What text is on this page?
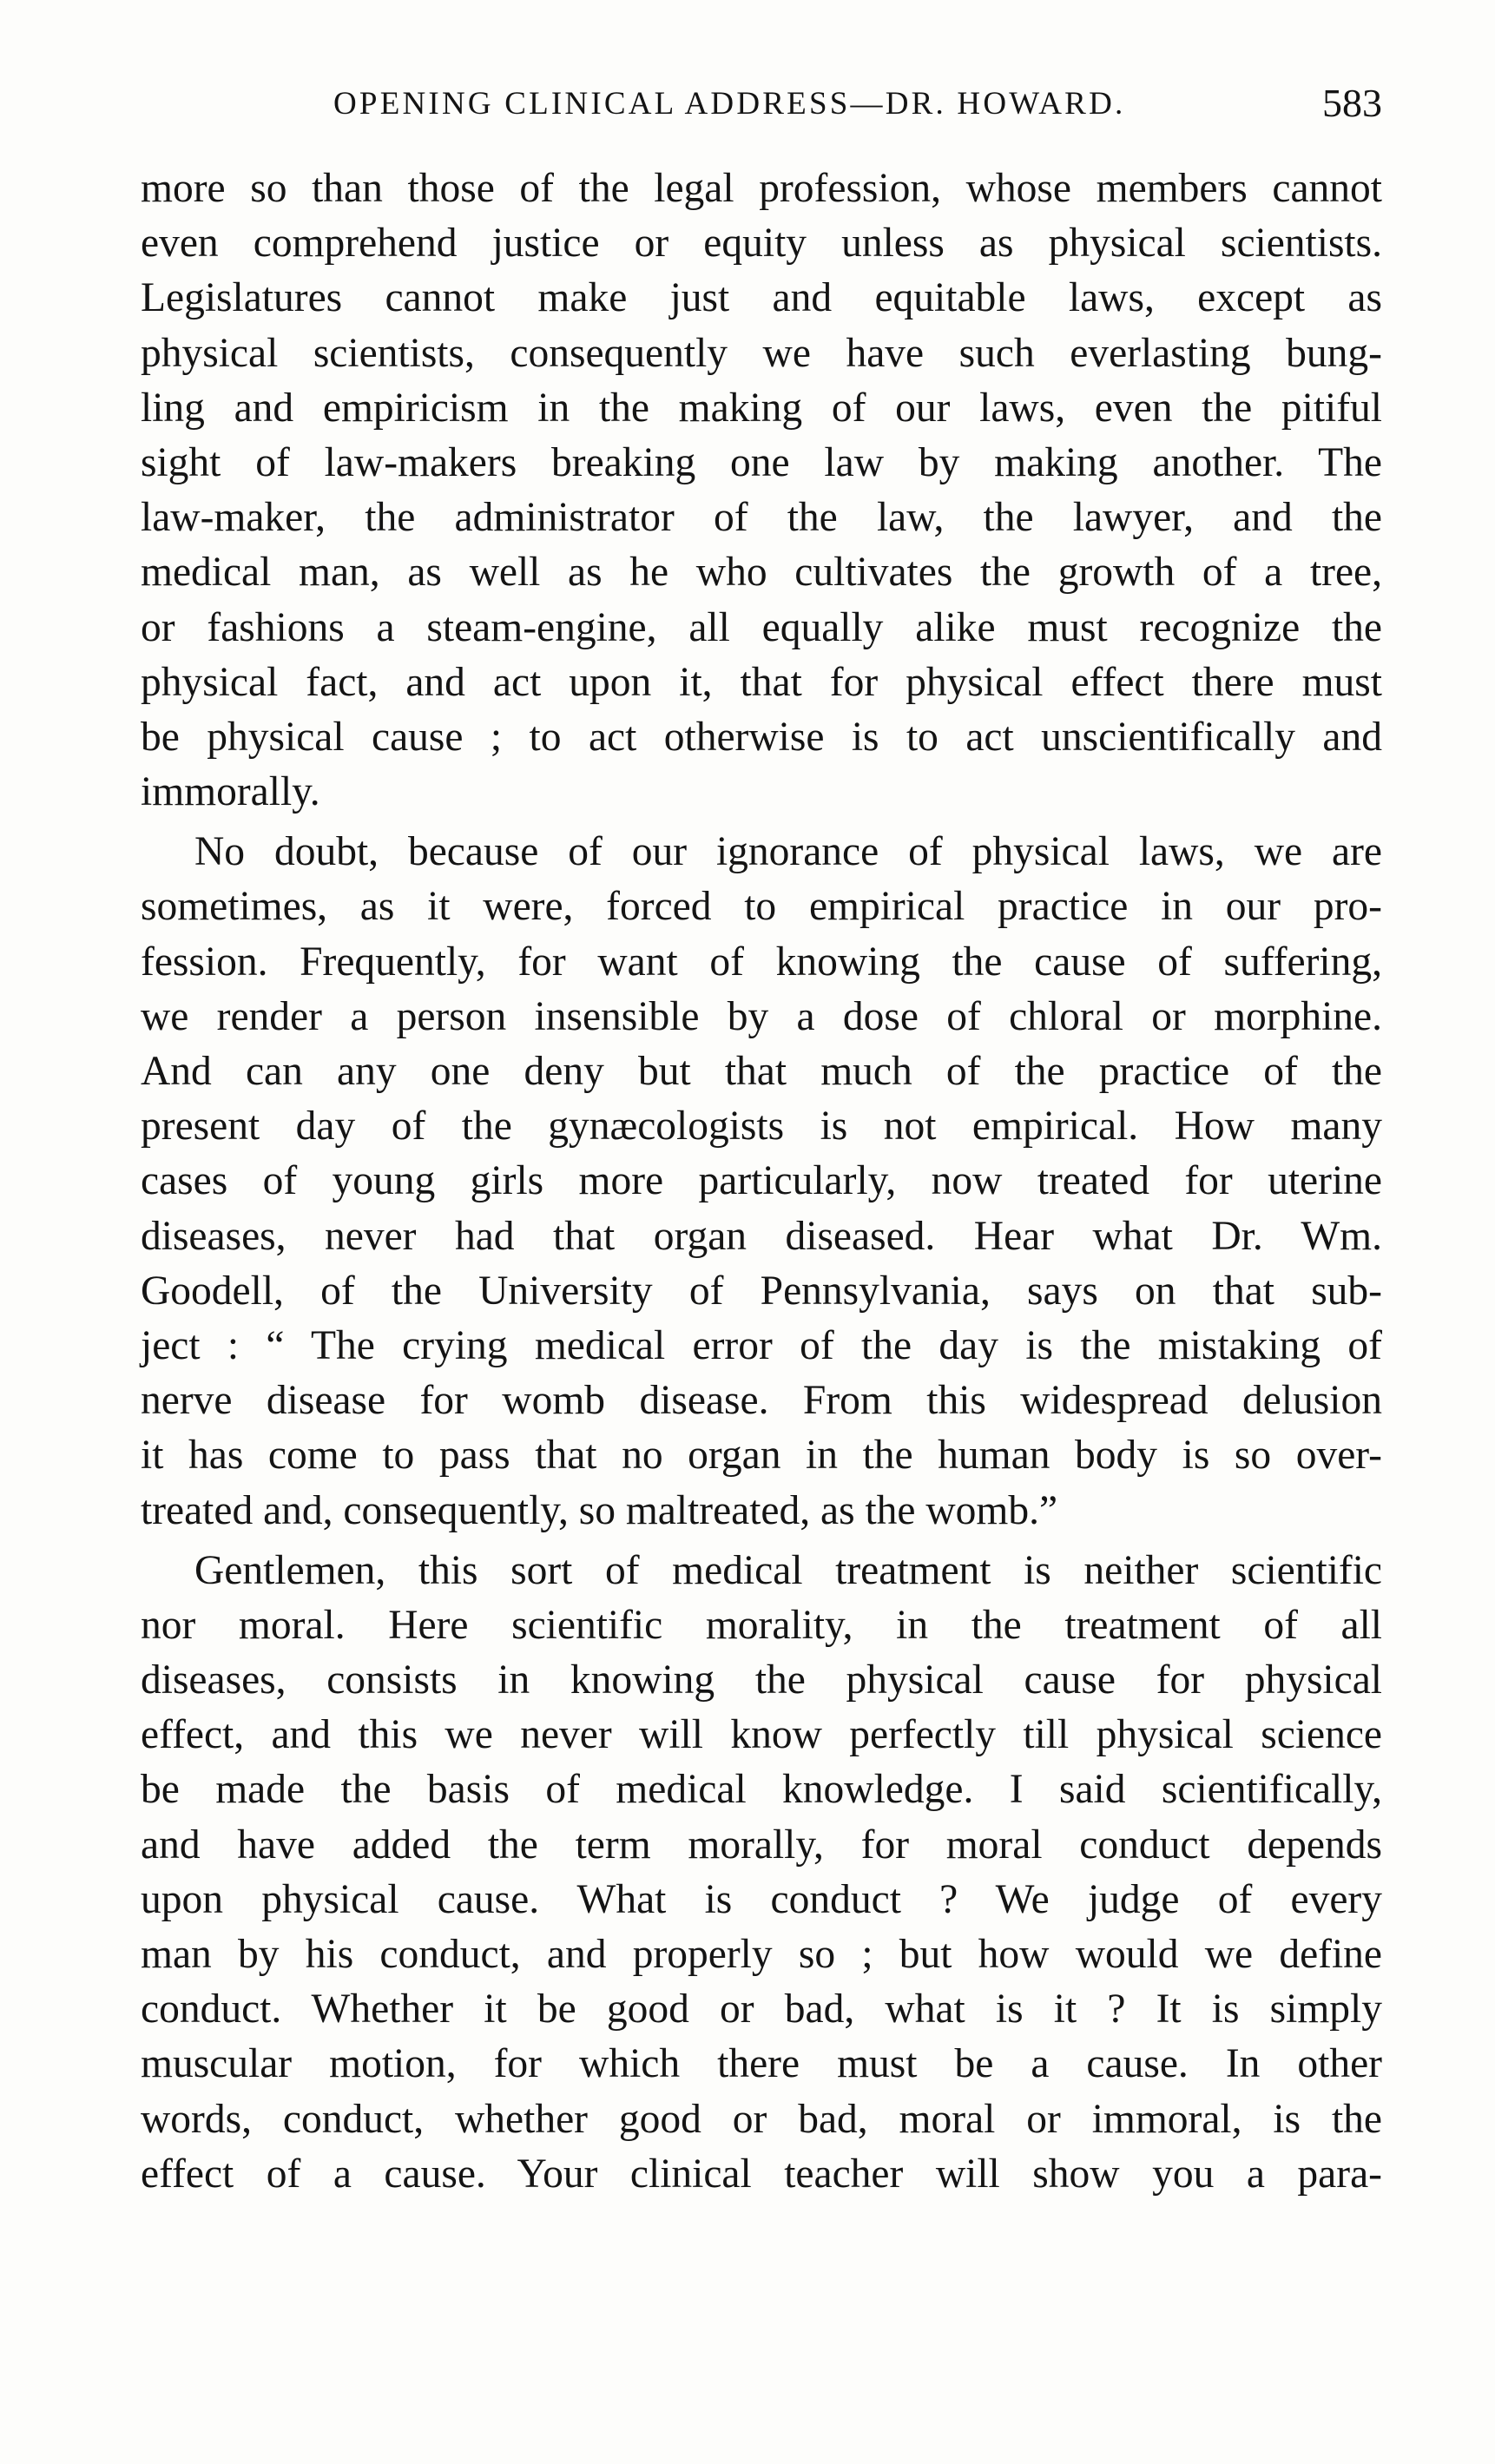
OPENING CLINICAL ADDRESS—DR. HOWARD.	583
more so than those of the legal profession, whose members cannot
even comprehend justice or equity unless as physical scientists.
Legislatures cannot make just and equitable laws, except as
physical scientists, consequently we have such everlasting bung-
ling and empiricism in the making of our laws, even the pitiful
sight of law-makers breaking one law by making another. The
law-maker, the administrator of the law, the lawyer, and the
medical man, as well as he who cultivates the growth of a tree,
or fashions a steam-engine, all equally alike must recognize the
physical fact, and act upon it, that for physical effect there must
be physical cause ; to act otherwise is to act unscientifically and
immorally.
No doubt, because of our ignorance of physical laws, we are
sometimes, as it were, forced to empirical practice in our pro-
fession. Frequently, for want of knowing the cause of suffering,
we render a person insensible by a dose of chloral or morphine.
And can any one deny but that much of the practice of the
present day of the gynæcologists is not empirical. How many
cases of young girls more particularly, now treated for uterine
diseases, never had that organ diseased. Hear what Dr. Wm.
Goodell, of the University of Pennsylvania, says on that sub-
ject : “ The crying medical error of the day is the mistaking of
nerve disease for womb disease. From this widespread delusion
it has come to pass that no organ in the human body is so over-
treated and, consequently, so maltreated, as the womb.”
Gentlemen, this sort of medical treatment is neither scientific
nor moral. Here scientific morality, in the treatment of all
diseases, consists in knowing the physical cause for physical
effect, and this we never will know perfectly till physical science
be made the basis of medical knowledge. I said scientifically,
and have added the term morally, for moral conduct depends
upon physical cause. What is conduct ? We judge of every
man by his conduct, and properly so ; but how would we define
conduct. Whether it be good or bad, what is it ? It is simply
muscular motion, for which there must be a cause. In other
words, conduct, whether good or bad, moral or immoral, is the
effect of a cause. Your clinical teacher will show you a para-
